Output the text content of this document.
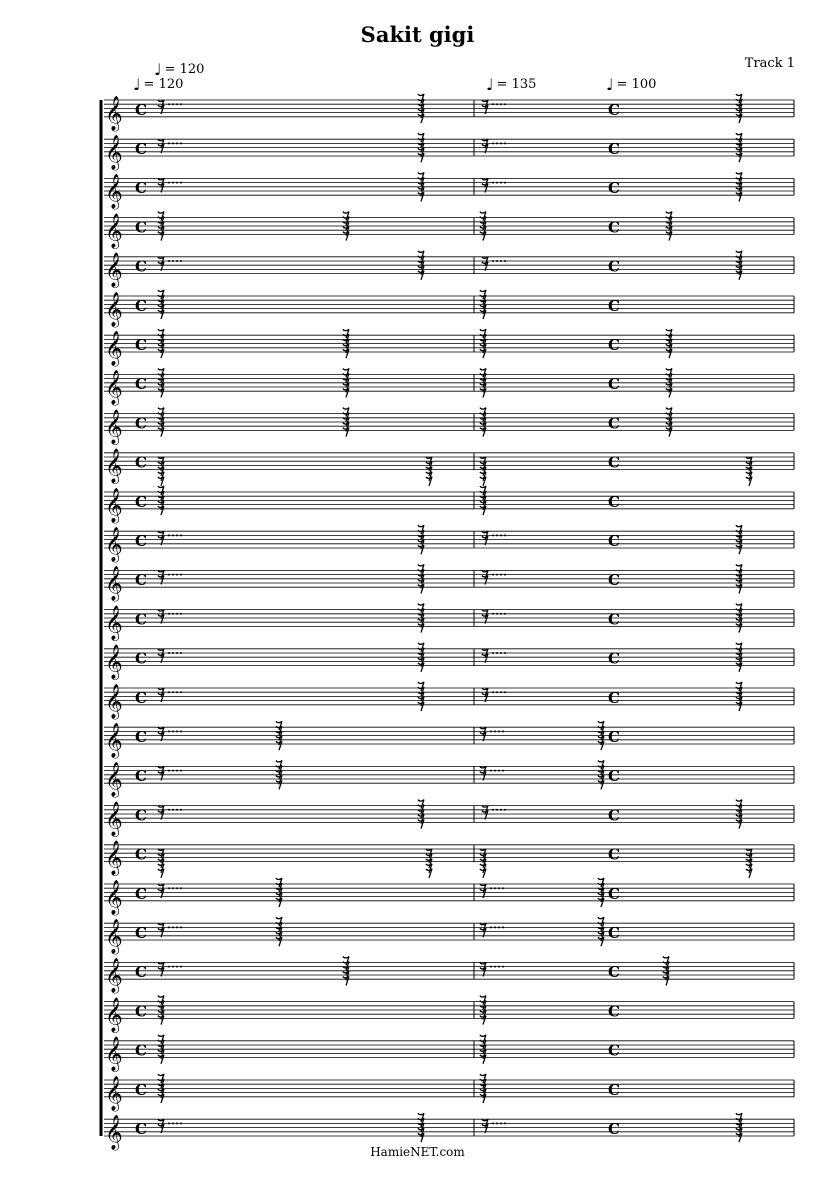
Sakit gigi
Track 1
♩ = 120
♩ = 120	♩ = 135	♩ = 100
𝄞 C	C
𝄞 C	C
𝄞 C	C
𝄞 C	C
𝄞 C	C
𝄞 C	C
𝄞 C	C
𝄞 C	C
𝄞 C	C
𝄞 C	C
𝄞 C	C
𝄞 C	C
𝄞 C	C
𝄞 C	C
𝄞 C	C
𝄞 C	C
𝄞 C	C
𝄞 C	C
𝄞 C	C
𝄞 C	C
𝄞 C	C
𝄞 C	C
𝄞 C	C
𝄞 C	C
𝄞 C	C
𝄞 C	C
𝄞 C	C
HamieNET.com
